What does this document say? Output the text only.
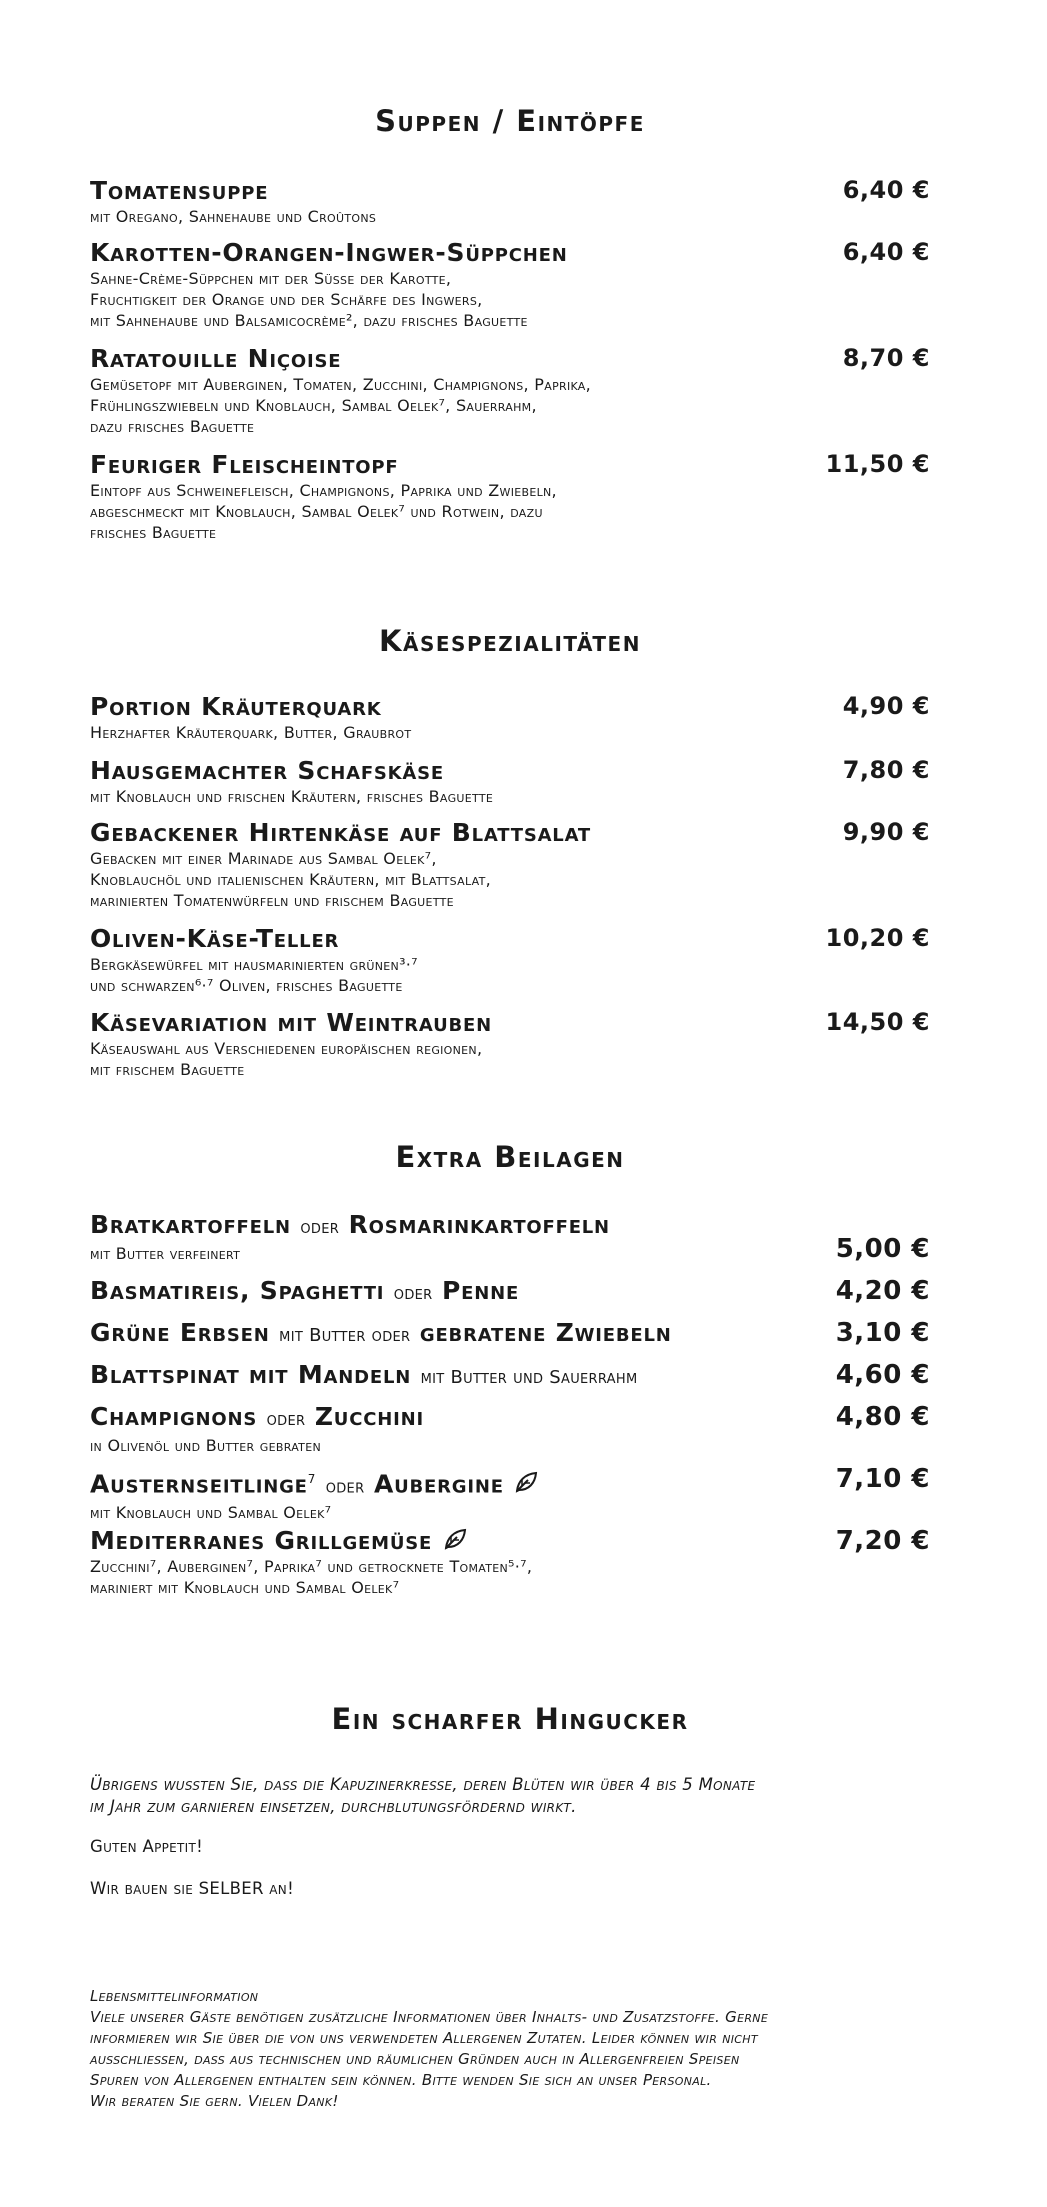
Suppen / Eintöpfe
Tomatensuppe
mit Oregano, Sahnehaube und Croûtons
6,40 €
Karotten-Orangen-Ingwer-Süppchen
Sahne-Crème-Süppchen mit der Süsse der Karotte,
Fruchtigkeit der Orange und der Schärfe des Ingwers,
mit Sahnehaube und Balsamicocrème², dazu frisches Baguette
6,40 €
Ratatouille Niçoise
Gemüsetopf mit Auberginen, Tomaten, Zucchini, Champignons, Paprika,
Frühlingszwiebeln und Knoblauch, Sambal Oelek⁷, Sauerrahm,
dazu frisches Baguette
8,70 €
Feuriger Fleischeintopf
Eintopf aus Schweinefleisch, Champignons, Paprika und Zwiebeln,
abgeschmeckt mit Knoblauch, Sambal Oelek⁷ und Rotwein, dazu
frisches Baguette
11,50 €
Käsespezialitäten
Portion Kräuterquark
Herzhafter Kräuterquark, Butter, Graubrot
4,90 €
Hausgemachter Schafskäse
mit Knoblauch und frischen Kräutern, frisches Baguette
7,80 €
Gebackener Hirtenkäse auf Blattsalat
Gebacken mit einer Marinade aus Sambal Oelek⁷,
Knoblauchöl und italienischen Kräutern, mit Blattsalat,
marinierten Tomatenwürfeln und frischem Baguette
9,90 €
Oliven-Käse-Teller
Bergkäsewürfel mit hausmarinierten grünen³·⁷
und schwarzen⁶·⁷ Oliven, frisches Baguette
10,20 €
Käsevariation mit Weintrauben
Käseauswahl aus Verschiedenen europäischen regionen,
mit frischem Baguette
14,50 €
Extra Beilagen
Bratkartoffeln oder Rosmarinkartoffeln
mit Butter verfeinert	5,00 €
Basmatireis, Spaghetti oder Penne	4,20 €
Grüne Erbsen mit Butter oder gebratene Zwiebeln	3,10 €
Blattspinat mit Mandeln mit Butter und Sauerrahm	4,60 €
Champignons oder Zucchini
in Olivenöl und Butter gebraten
4,80 €
Austernseitlinge$^7$ oder Aubergine
mit Knoblauch und Sambal Oelek⁷
7,10 €
Mediterranes Grillgemüse
Zucchini⁷, Auberginen⁷, Paprika⁷ und getrocknete Tomaten⁵·⁷,
mariniert mit Knoblauch und Sambal Oelek⁷
7,20 €
Ein scharfer Hingucker
Übrigens wussten Sie, dass die Kapuzinerkresse, deren Blüten wir über 4 bis 5 Monate
im Jahr zum garnieren einsetzen, durchblutungsfördernd wirkt.
Guten Appetit!
Wir bauen sie SELBER an!
Lebensmittelinformation
Viele unserer Gäste benötigen zusätzliche Informationen über Inhalts- und Zusatzstoffe. Gerne
informieren wir Sie über die von uns verwendeten Allergenen Zutaten. Leider können wir nicht
ausschliessen, dass aus technischen und räumlichen Gründen auch in Allergenfreien Speisen
Spuren von Allergenen enthalten sein können. Bitte wenden Sie sich an unser Personal.
Wir beraten Sie gern. Vielen Dank!
